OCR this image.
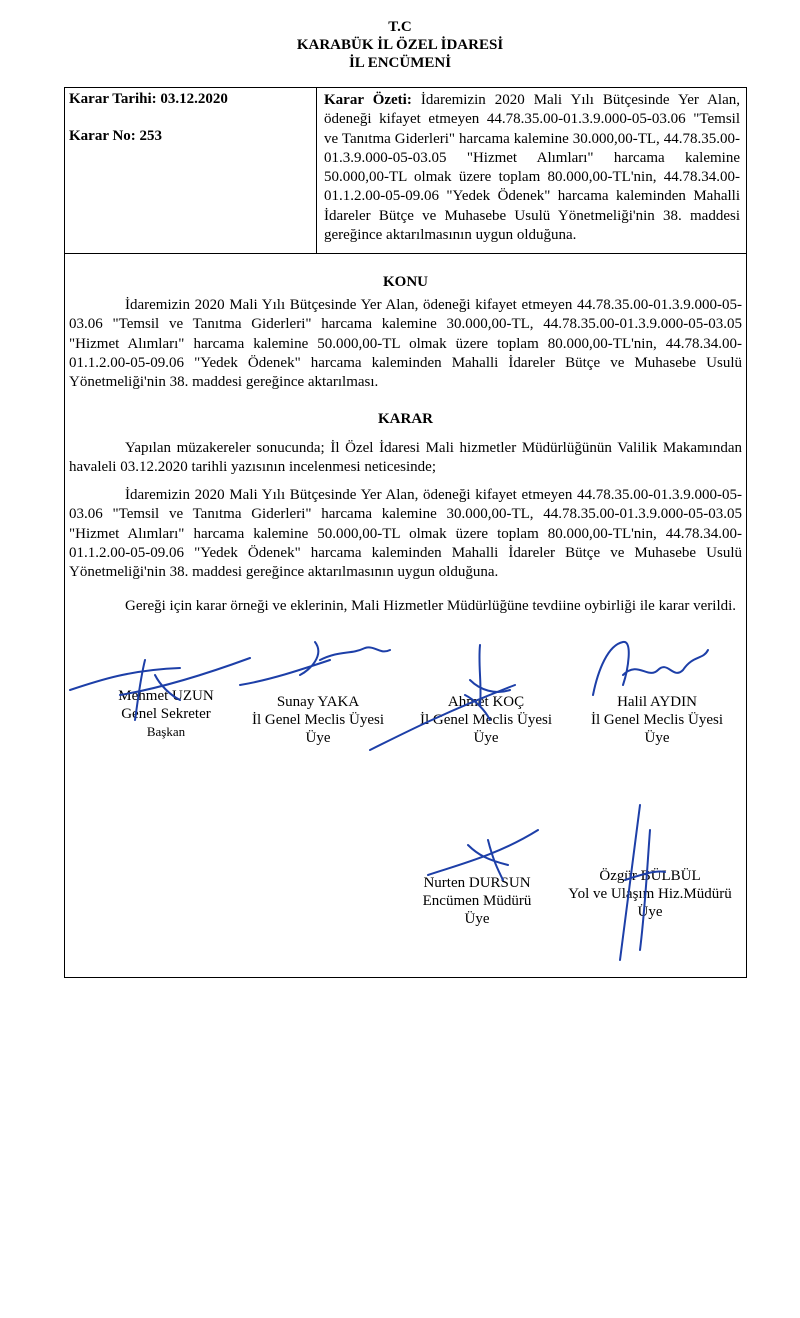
T.C
KARABÜK İL ÖZEL İDARESİ
İL ENCÜMENİ
Karar Tarihi: 03.12.2020
Karar No: 253
Karar Özeti: İdaremizin 2020 Mali Yılı Bütçesinde Yer Alan, ödeneği kifayet etmeyen 44.78.35.00-01.3.9.000-05-03.06 "Temsil ve Tanıtma Giderleri" harcama kalemine 30.000,00-TL, 44.78.35.00-01.3.9.000-05-03.05 "Hizmet Alımları" harcama kalemine 50.000,00-TL olmak üzere toplam 80.000,00-TL'nin, 44.78.34.00-01.1.2.00-05-09.06 "Yedek Ödenek" harcama kaleminden Mahalli İdareler Bütçe ve Muhasebe Usulü Yönetmeliği'nin 38. maddesi gereğince aktarılmasının uygun olduğuna.
KONU
İdaremizin 2020 Mali Yılı Bütçesinde Yer Alan, ödeneği kifayet etmeyen 44.78.35.00-01.3.9.000-05-03.06 "Temsil ve Tanıtma Giderleri" harcama kalemine 30.000,00-TL, 44.78.35.00-01.3.9.000-05-03.05 "Hizmet Alımları" harcama kalemine 50.000,00-TL olmak üzere toplam 80.000,00-TL'nin, 44.78.34.00-01.1.2.00-05-09.06 "Yedek Ödenek" harcama kaleminden Mahalli İdareler Bütçe ve Muhasebe Usulü Yönetmeliği'nin 38. maddesi gereğince aktarılması.
KARAR
Yapılan müzakereler sonucunda; İl Özel İdaresi Mali hizmetler Müdürlüğünün Valilik Makamından havaleli 03.12.2020 tarihli yazısının incelenmesi neticesinde;
İdaremizin 2020 Mali Yılı Bütçesinde Yer Alan, ödeneği kifayet etmeyen 44.78.35.00-01.3.9.000-05-03.06 "Temsil ve Tanıtma Giderleri" harcama kalemine 30.000,00-TL, 44.78.35.00-01.3.9.000-05-03.05 "Hizmet Alımları" harcama kalemine 50.000,00-TL olmak üzere toplam 80.000,00-TL'nin, 44.78.34.00-01.1.2.00-05-09.06 "Yedek Ödenek" harcama kaleminden Mahalli İdareler Bütçe ve Muhasebe Usulü Yönetmeliği'nin 38. maddesi gereğince aktarılmasının uygun olduğuna.
Gereği için karar örneği ve eklerinin, Mali Hizmetler Müdürlüğüne tevdiine oybirliği ile karar verildi.
Mehmet UZUN
Genel Sekreter
Başkan
Sunay YAKA
İl Genel Meclis Üyesi
Üye
Ahmet KOÇ
İl Genel Meclis Üyesi
Üye
Halil AYDIN
İl Genel Meclis Üyesi
Üye
Nurten DURSUN
Encümen Müdürü
Üye
Özgür BÜLBÜL
Yol ve Ulaşım Hiz.Müdürü
Üye
